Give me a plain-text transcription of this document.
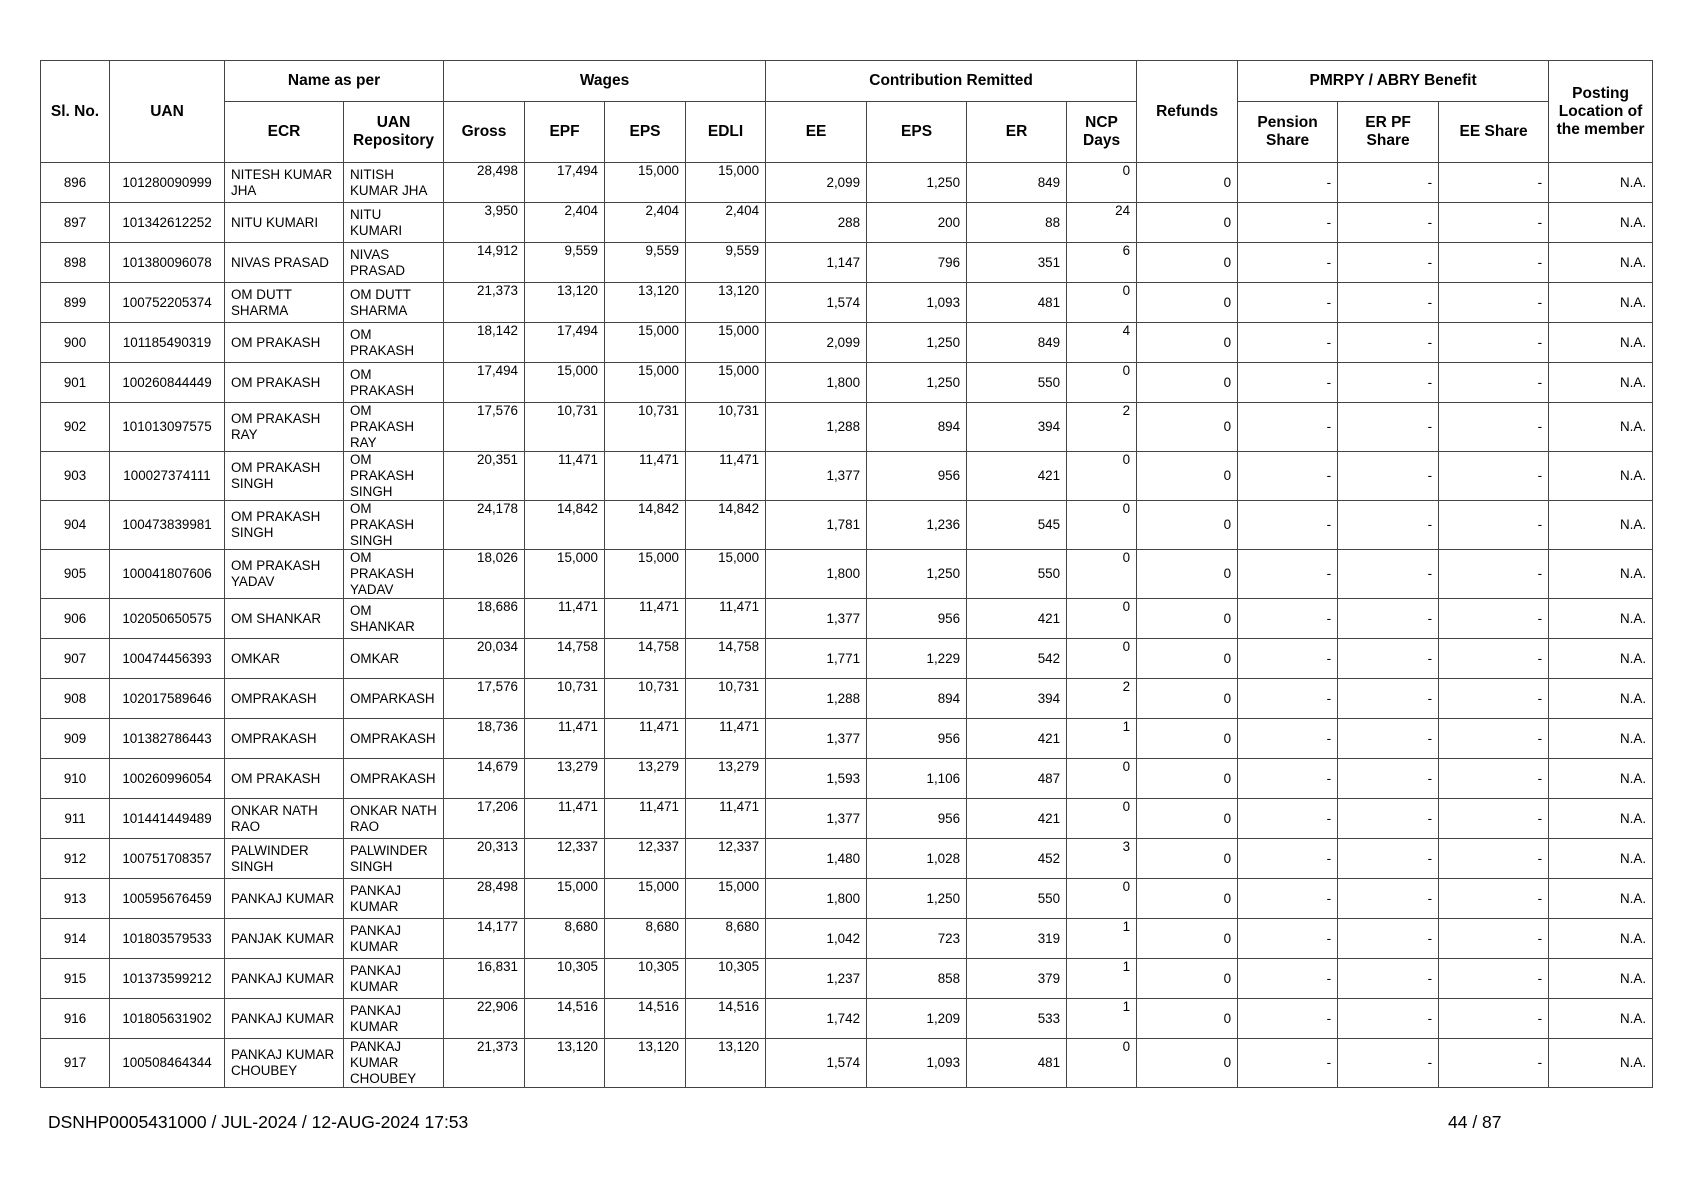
Sl. No.	UAN	Name as per		Wages				Contribution Remitted				Refunds	PMRPY / ABRY Benefit			Posting Location of the member
		ECR	UAN Repository	Gross	EPF	EPS	EDLI	EE	EPS	ER	NCP Days		Pension Share	ER PF Share	EE Share	
896	101280090999	NITESH KUMAR JHA	NITISH KUMAR JHA	28,498	17,494	15,000	15,000	2,099	1,250	849	0	0	-	-	-	N.A.
897	101342612252	NITU KUMARI	NITU KUMARI	3,950	2,404	2,404	2,404	288	200	88	24	0	-	-	-	N.A.
898	101380096078	NIVAS PRASAD	NIVAS PRASAD	14,912	9,559	9,559	9,559	1,147	796	351	6	0	-	-	-	N.A.
899	100752205374	OM DUTT SHARMA	OM DUTT SHARMA	21,373	13,120	13,120	13,120	1,574	1,093	481	0	0	-	-	-	N.A.
900	101185490319	OM PRAKASH	OM PRAKASH	18,142	17,494	15,000	15,000	2,099	1,250	849	4	0	-	-	-	N.A.
901	100260844449	OM PRAKASH	OM PRAKASH	17,494	15,000	15,000	15,000	1,800	1,250	550	0	0	-	-	-	N.A.
902	101013097575	OM PRAKASH RAY	OM PRAKASH RAY	17,576	10,731	10,731	10,731	1,288	894	394	2	0	-	-	-	N.A.
903	100027374111	OM PRAKASH SINGH	OM PRAKASH SINGH	20,351	11,471	11,471	11,471	1,377	956	421	0	0	-	-	-	N.A.
904	100473839981	OM PRAKASH SINGH	OM PRAKASH SINGH	24,178	14,842	14,842	14,842	1,781	1,236	545	0	0	-	-	-	N.A.
905	100041807606	OM PRAKASH YADAV	OM PRAKASH YADAV	18,026	15,000	15,000	15,000	1,800	1,250	550	0	0	-	-	-	N.A.
906	102050650575	OM SHANKAR	OM SHANKAR	18,686	11,471	11,471	11,471	1,377	956	421	0	0	-	-	-	N.A.
907	100474456393	OMKAR	OMKAR	20,034	14,758	14,758	14,758	1,771	1,229	542	0	0	-	-	-	N.A.
908	102017589646	OMPRAKASH	OMPARKASH	17,576	10,731	10,731	10,731	1,288	894	394	2	0	-	-	-	N.A.
909	101382786443	OMPRAKASH	OMPRAKASH	18,736	11,471	11,471	11,471	1,377	956	421	1	0	-	-	-	N.A.
910	100260996054	OM PRAKASH	OMPRAKASH	14,679	13,279	13,279	13,279	1,593	1,106	487	0	0	-	-	-	N.A.
911	101441449489	ONKAR NATH RAO	ONKAR NATH RAO	17,206	11,471	11,471	11,471	1,377	956	421	0	0	-	-	-	N.A.
912	100751708357	PALWINDER SINGH	PALWINDER SINGH	20,313	12,337	12,337	12,337	1,480	1,028	452	3	0	-	-	-	N.A.
913	100595676459	PANKAJ KUMAR	PANKAJ KUMAR	28,498	15,000	15,000	15,000	1,800	1,250	550	0	0	-	-	-	N.A.
914	101803579533	PANJAK KUMAR	PANKAJ KUMAR	14,177	8,680	8,680	8,680	1,042	723	319	1	0	-	-	-	N.A.
915	101373599212	PANKAJ KUMAR	PANKAJ KUMAR	16,831	10,305	10,305	10,305	1,237	858	379	1	0	-	-	-	N.A.
916	101805631902	PANKAJ KUMAR	PANKAJ KUMAR	22,906	14,516	14,516	14,516	1,742	1,209	533	1	0	-	-	-	N.A.
917	100508464344	PANKAJ KUMAR CHOUBEY	PANKAJ KUMAR CHOUBEY	21,373	13,120	13,120	13,120	1,574	1,093	481	0	0	-	-	-	N.A.
DSNHP0005431000 / JUL-2024 / 12-AUG-2024 17:53	44 / 87
